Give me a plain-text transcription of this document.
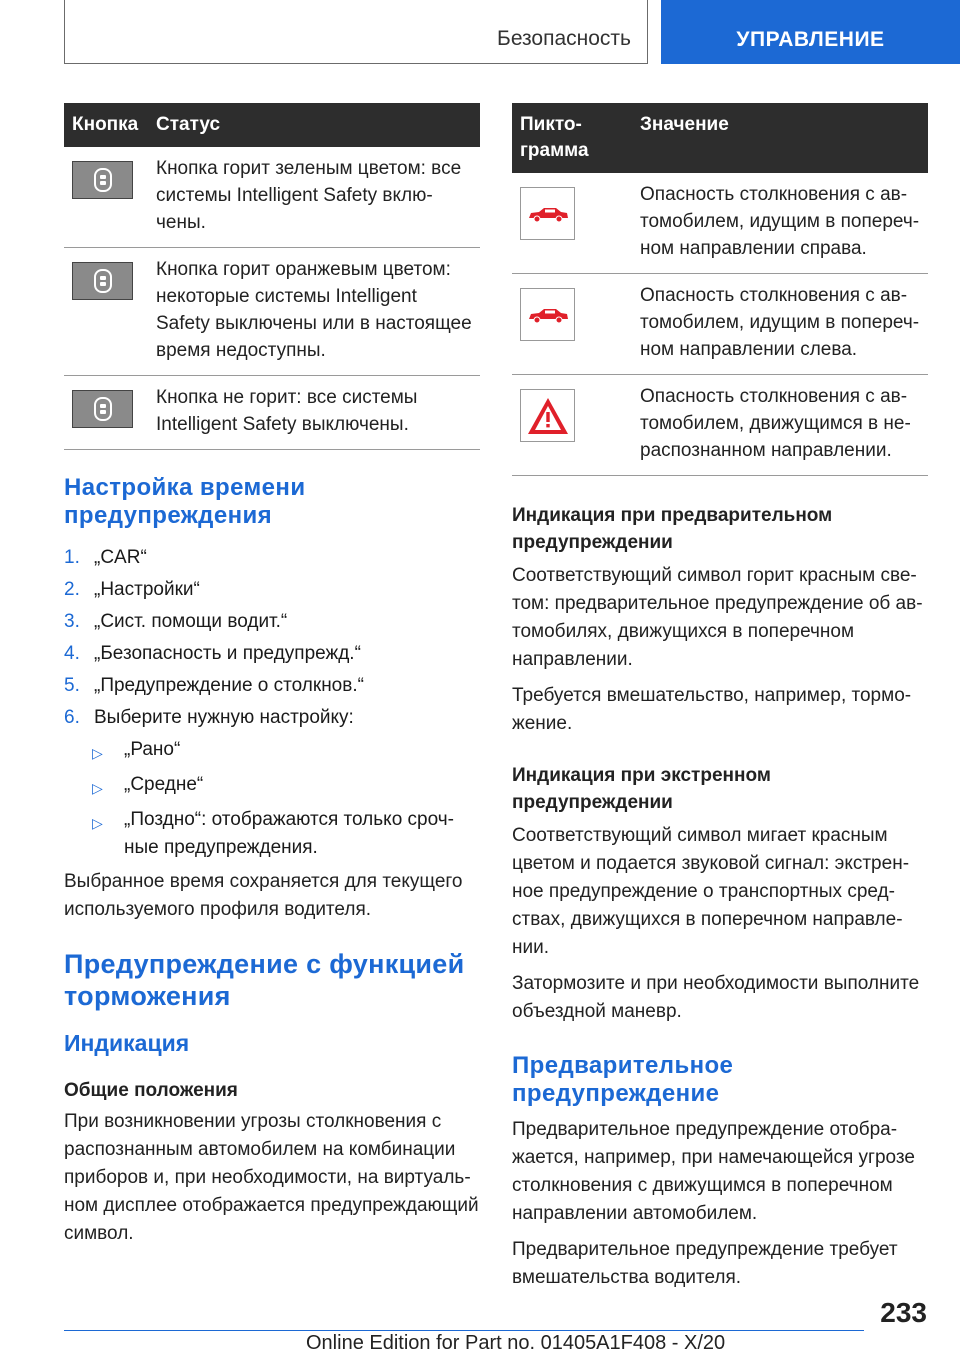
Безопасность	УПРАВЛЕНИЕ
Кнопка	Статус

	Кнопка горит зеленым цветом: все системы Intelligent Safety включены.

	Кнопка горит оранжевым цветом: некоторые системы Intelligent Safety выключены или в настоящее время недоступны.

	Кнопка не горит: все системы Intelligent Safety выключены.
Настройка времени предупреждения
1. „CAR“
2. „Настройки“
3. „Сист. помощи водит.“
4. „Безопасность и предупрежд.“
5. „Предупреждение о столкнов.“
6. Выберите нужную настройку:
▷	„Рано“
▷	„Средне“
▷	„Поздно“: отображаются только срочные предупреждения.

Выбранное время сохраняется для текущего используемого профиля водителя.

Предупреждение с функцией торможения
Индикация
Общие положения

При возникновении угрозы столкновения с распознанным автомобилем на комбинации приборов и, при необходимости, на виртуальном дисплее отображается предупреждающий символ.

Пиктограмма	Значение

	Опасность столкновения с автомобилем, идущим в поперечном направлении справа.

	Опасность столкновения с автомобилем, идущим в поперечном направлении слева.

	Опасность столкновения с автомобилем, движущимся в нераспознанном направлении.
Индикация при предварительном предупреждении

Соответствующий символ горит красным светом: предварительное предупреждение об автомобилях, движущихся в поперечном направлении.

Требуется вмешательство, например, торможение.

Индикация при экстренном предупреждении

Соответствующий символ мигает красным цветом и подается звуковой сигнал: экстренное предупреждение о транспортных средствах, движущихся в поперечном направлении.

Затормозите и при необходимости выполните объездной маневр.

Предварительное предупреждение

Предварительное предупреждение отображается, например, при намечающейся угрозе столкновения с движущимся в поперечном направлении автомобилем.

Предварительное предупреждение требует вмешательства водителя.

233
Online Edition for Part no. 01405A1F408 - X/20
